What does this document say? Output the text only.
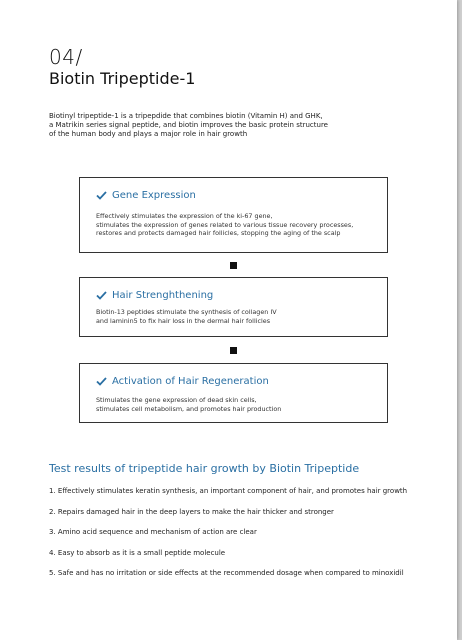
04/
Biotin Tripeptide-1
Biotinyl tripeptide-1 is a tripepdide that combines biotin (Vitamin H) and GHK,
a Matrikin series signal peptide, and biotin improves the basic protein structure
of the human body and plays a major role in hair growth
Gene Expression
Effectively stimulates the expression of the ki-67 gene,
stimulates the expression of genes related to various tissue recovery processes,
restores and protects damaged hair follicles, stopping the aging of the scalp
Hair Strenghthening
Biotin-13 peptides stimulate the synthesis of collagen IV
and laminin5 to fix hair loss in the dermal hair follicles
Activation of Hair Regeneration
Stimulates the gene expression of dead skin cells,
stimulates cell metabolism, and promotes hair production
Test results of tripeptide hair growth by Biotin Tripeptide
1. Effectively stimulates keratin synthesis, an important component of hair, and promotes hair growth
2. Repairs damaged hair in the deep layers to make the hair thicker and stronger
3. Amino acid sequence and mechanism of action are clear
4. Easy to absorb as it is a small peptide molecule
5. Safe and has no irritation or side effects at the recommended dosage when compared to minoxidil
